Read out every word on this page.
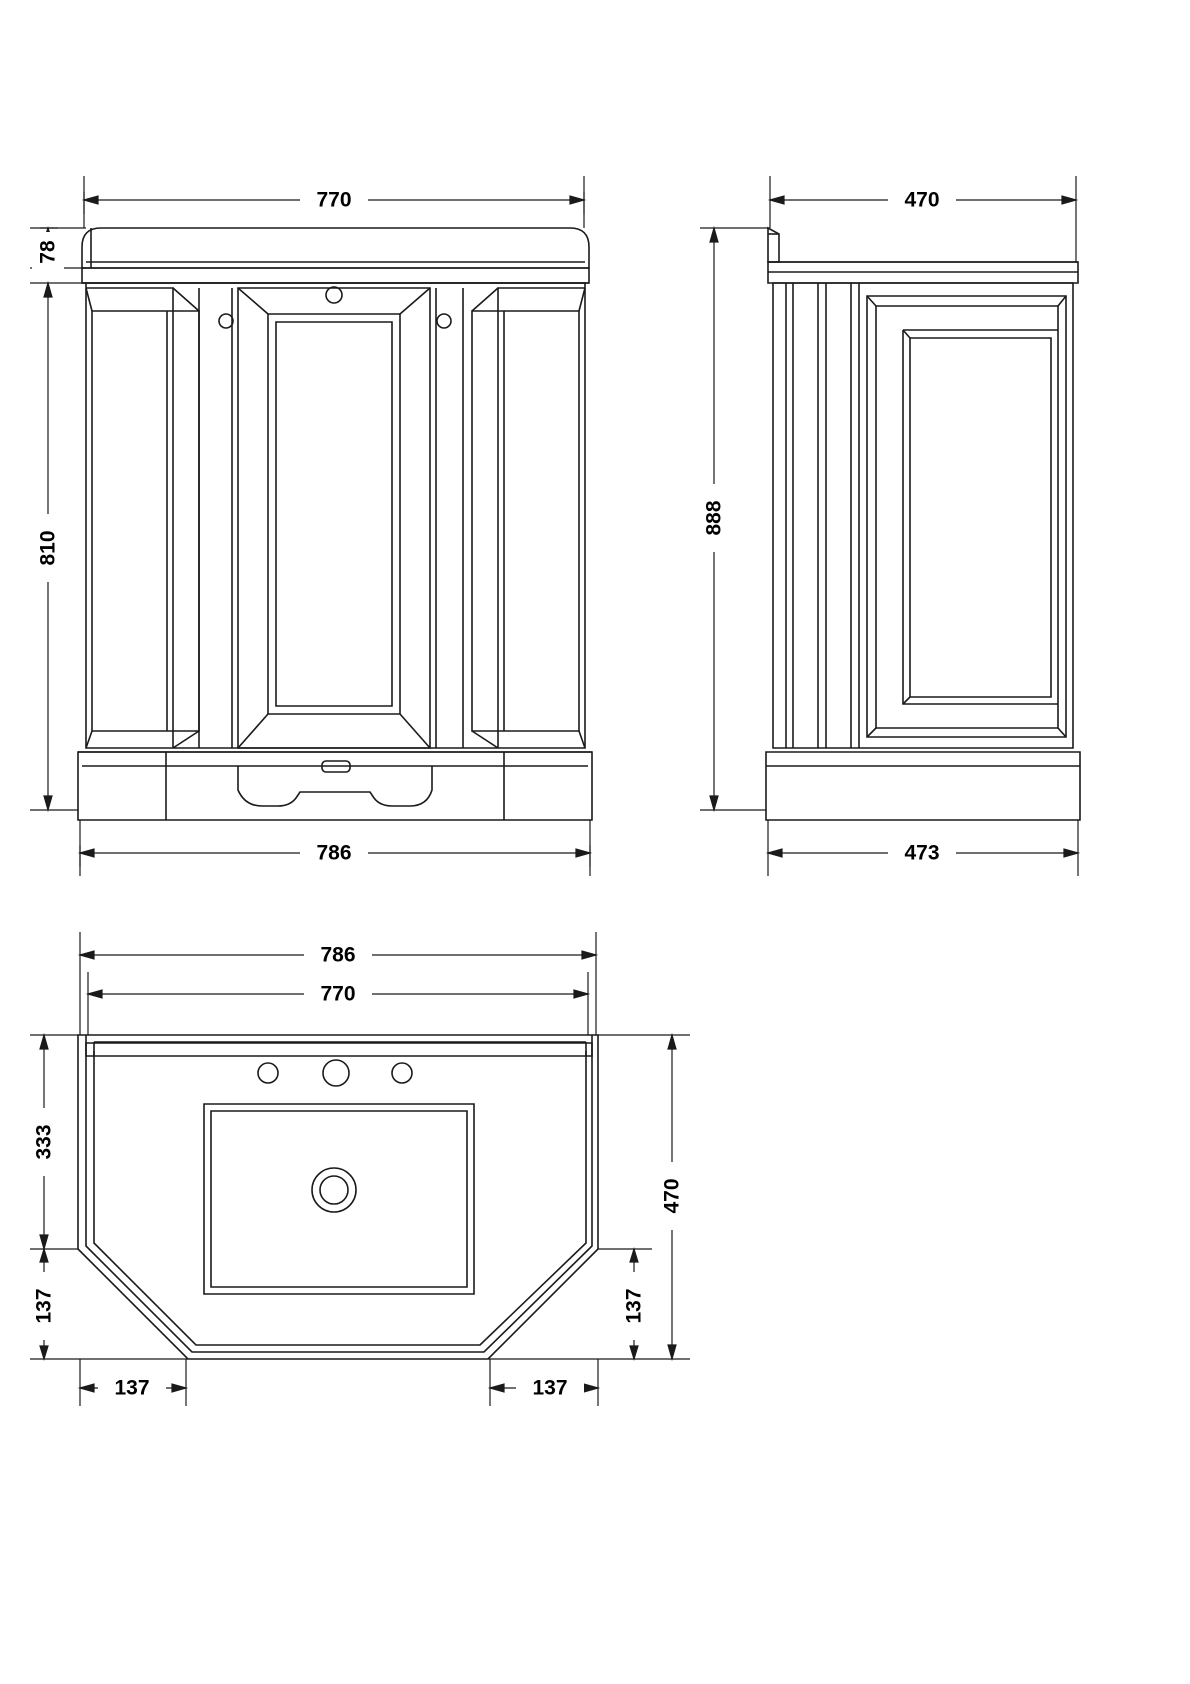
770
78
810
786
470
888
473
786
770
333
470
137	137
137	137
